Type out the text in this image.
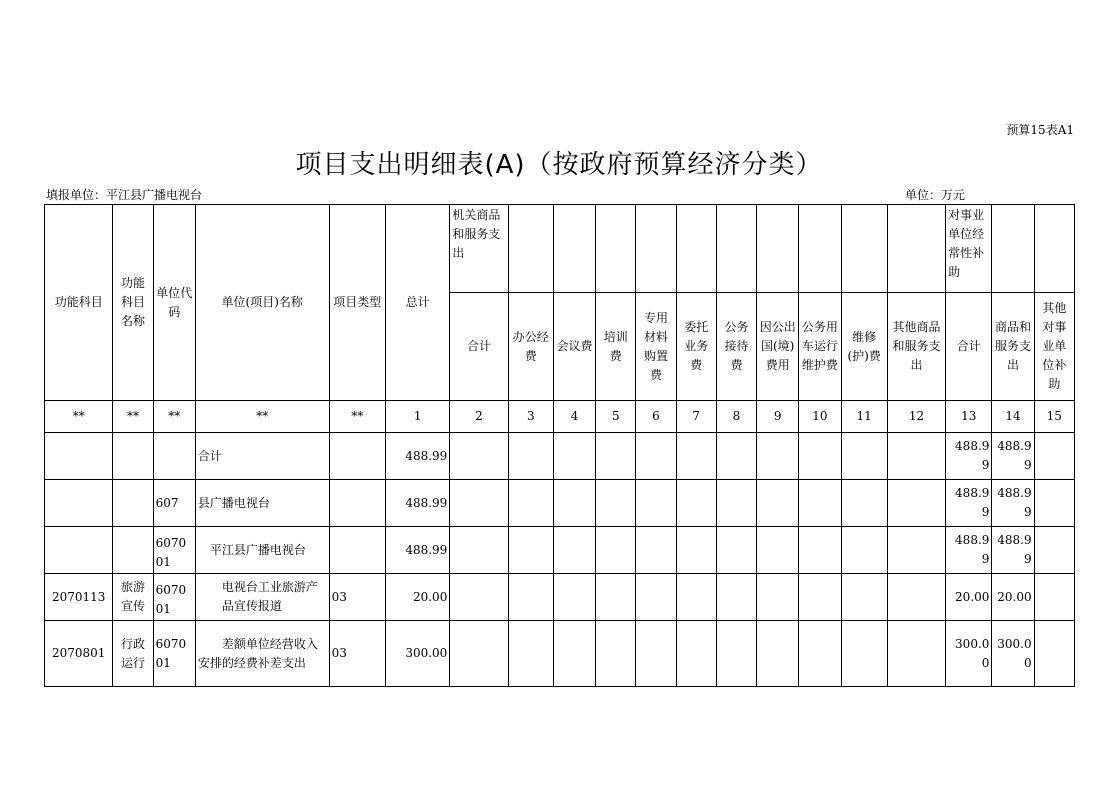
预算15表A1
项目支出明细表(A)（按政府预算经济分类）
填报单位：平江县广播电视台	单位：万元
功能科目	功能科目名称	单位代码	单位(项目)名称	项目类型	总计	机关商品和服务支出											对事业单位经常性补助		
						合计	办公经费	会议费	培训费	专用材料购置费	委托业务费	公务接待费	因公出国(境)费用	公务用车运行维护费	维修(护)费	其他商品和服务支出	合计	商品和服务支出	其他对事业单位补助
**	**	**	**	**	1	2	3	4	5	6	7	8	9	10	11	12	13	14	15
			合计		488.99												488.99	488.99	
		607	县广播电视台		488.99												488.99	488.99	
		607001	平江县广播电视台		488.99												488.99	488.99	
2070113	旅游宣传	607001	电视台工业旅游产品宣传报道	03	20.00												20.00	20.00	
2070801	行政运行	607001	差额单位经营收入安排的经费补差支出	03	300.00												300.00	300.00	
